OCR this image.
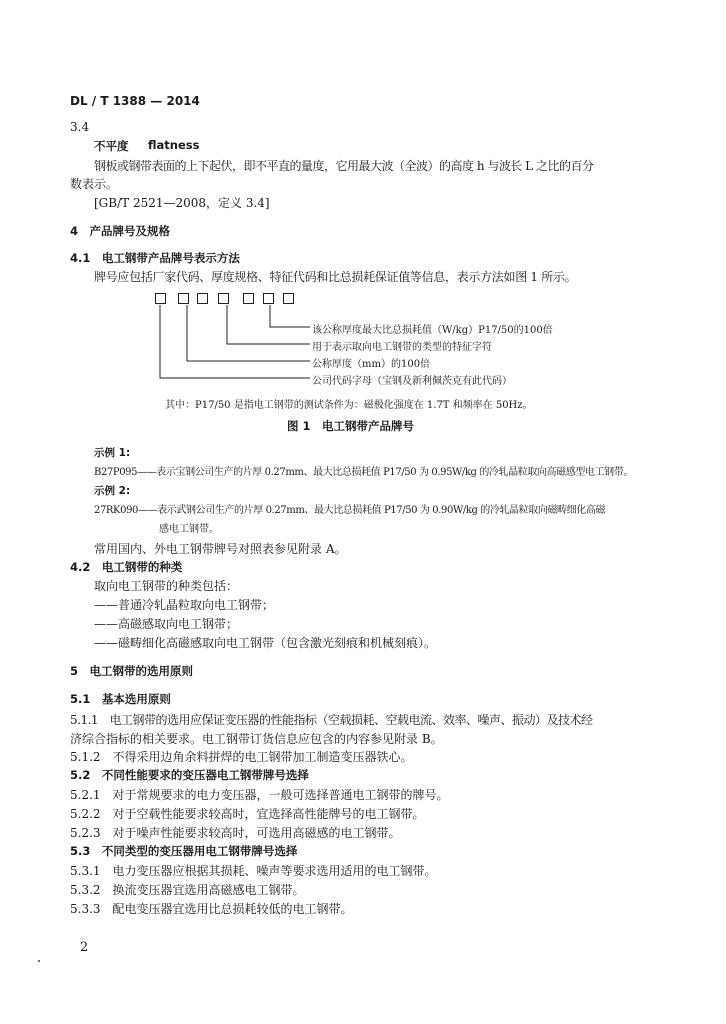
DL / T 1388 — 2014
3.4
不平度 flatness
钢板或钢带表面的上下起伏，即不平直的量度，它用最大波（全波）的高度 h 与波长 L 之比的百分
数表示。
[GB/T 2521—2008，定义 3.4]
4　产品牌号及规格
4.1　电工钢带产品牌号表示方法
牌号应包括厂家代码、厚度规格、特征代码和比总损耗保证值等信息，表示方法如图 1 所示。
该公称厚度最大比总损耗值（W/kg）P17/50的100倍
用于表示取向电工钢带的类型的特征字符
公称厚度（mm）的100倍
公司代码字母（宝钢及新利佩茨克有此代码）
其中：P17/50 是指电工钢带的测试条件为：磁极化强度在 1.7T 和频率在 50Hz。
图 1　电工钢带产品牌号
示例 1:
B27P095——表示宝钢公司生产的片厚 0.27mm、最大比总损耗值 P17/50 为 0.95W/kg 的冷轧晶粒取向高磁感型电工钢带。
示例 2:
27RK090——表示武钢公司生产的片厚 0.27mm、最大比总损耗值 P17/50 为 0.90W/kg 的冷轧晶粒取向磁畴细化高磁
感电工钢带。
常用国内、外电工钢带牌号对照表参见附录 A。
4.2　电工钢带的种类
取向电工钢带的种类包括：
——普通冷轧晶粒取向电工钢带；
——高磁感取向电工钢带；
——磁畴细化高磁感取向电工钢带（包含激光刻痕和机械刻痕）。
5　电工钢带的选用原则
5.1　基本选用原则
5.1.1　电工钢带的选用应保证变压器的性能指标（空载损耗、空载电流、效率、噪声、振动）及技术经
济综合指标的相关要求。电工钢带订货信息应包含的内容参见附录 B。
5.1.2　不得采用边角余料拼焊的电工钢带加工制造变压器铁心。
5.2　不同性能要求的变压器电工钢带牌号选择
5.2.1　对于常规要求的电力变压器，一般可选择普通电工钢带的牌号。
5.2.2　对于空载性能要求较高时，宜选择高性能牌号的电工钢带。
5.2.3　对于噪声性能要求较高时，可选用高磁感的电工钢带。
5.3　不同类型的变压器用电工钢带牌号选择
5.3.1　电力变压器应根据其损耗、噪声等要求选用适用的电工钢带。
5.3.2　换流变压器宜选用高磁感电工钢带。
5.3.3　配电变压器宜选用比总损耗较低的电工钢带。
2
